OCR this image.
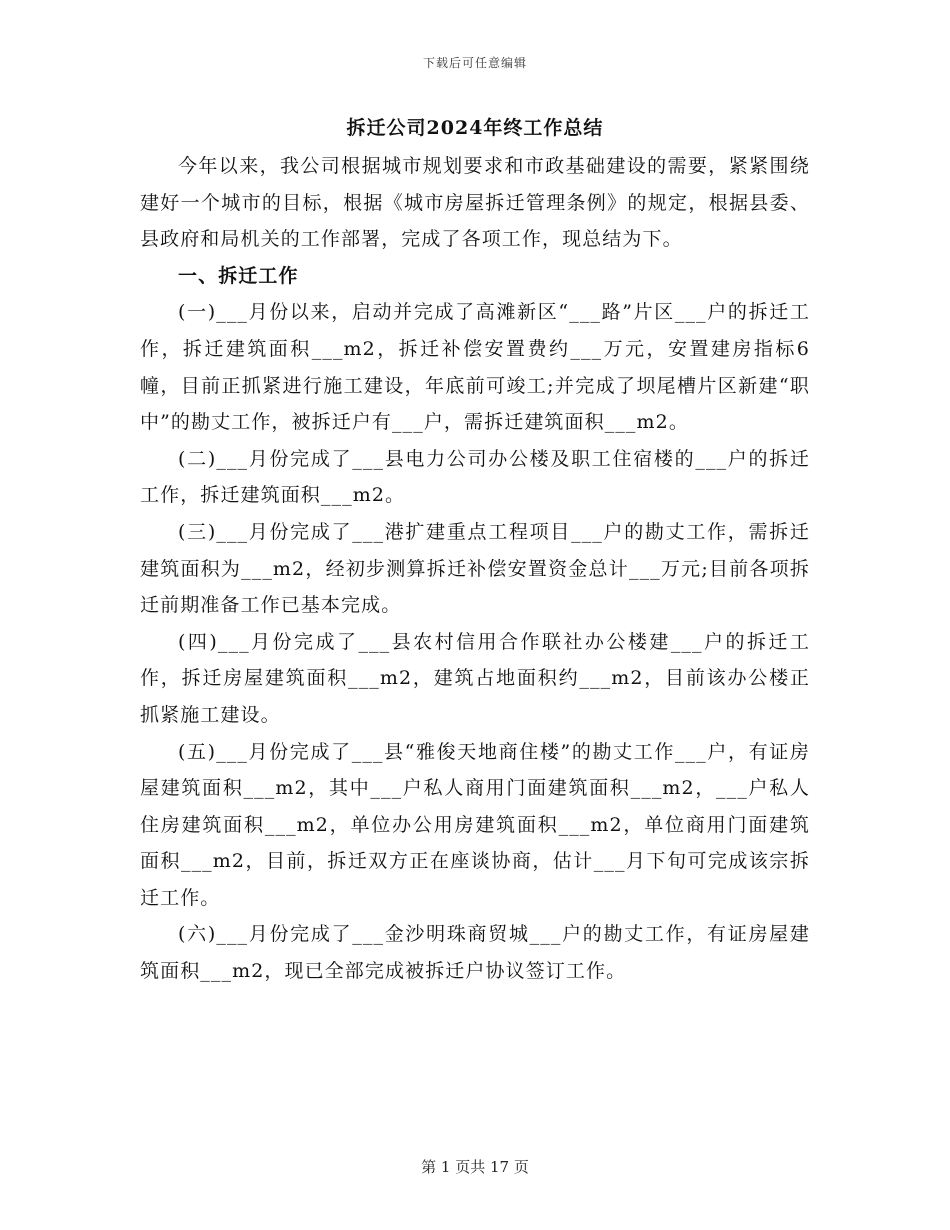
下载后可任意编辑
拆迁公司2024年终工作总结

今年以来，我公司根据城市规划要求和市政基础建设的需要，紧紧围绕建好一个城市的目标，根据《城市房屋拆迁管理条例》的规定，根据县委、县政府和局机关的工作部署，完成了各项工作，现总结为下。

一、拆迁工作

(一)___月份以来，启动并完成了高滩新区“___路”片区___户的拆迁工作，拆迁建筑面积___m2，拆迁补偿安置费约___万元，安置建房指标6幢，目前正抓紧进行施工建设，年底前可竣工;并完成了坝尾槽片区新建“职中”的勘丈工作，被拆迁户有___户，需拆迁建筑面积___m2。

(二)___月份完成了___县电力公司办公楼及职工住宿楼的___户的拆迁工作，拆迁建筑面积___m2。

(三)___月份完成了___港扩建重点工程项目___户的勘丈工作，需拆迁建筑面积为___m2，经初步测算拆迁补偿安置资金总计___万元;目前各项拆迁前期准备工作已基本完成。

(四)___月份完成了___县农村信用合作联社办公楼建___户的拆迁工作，拆迁房屋建筑面积___m2，建筑占地面积约___m2，目前该办公楼正抓紧施工建设。

(五)___月份完成了___县“雅俊天地商住楼”的勘丈工作___户，有证房屋建筑面积___m2，其中___户私人商用门面建筑面积___m2，___户私人住房建筑面积___m2，单位办公用房建筑面积___m2，单位商用门面建筑面积___m2，目前，拆迁双方正在座谈协商，估计___月下旬可完成该宗拆迁工作。

(六)___月份完成了___金沙明珠商贸城___户的勘丈工作，有证房屋建筑面积___m2，现已全部完成被拆迁户协议签订工作。

第 1 页共 17 页
